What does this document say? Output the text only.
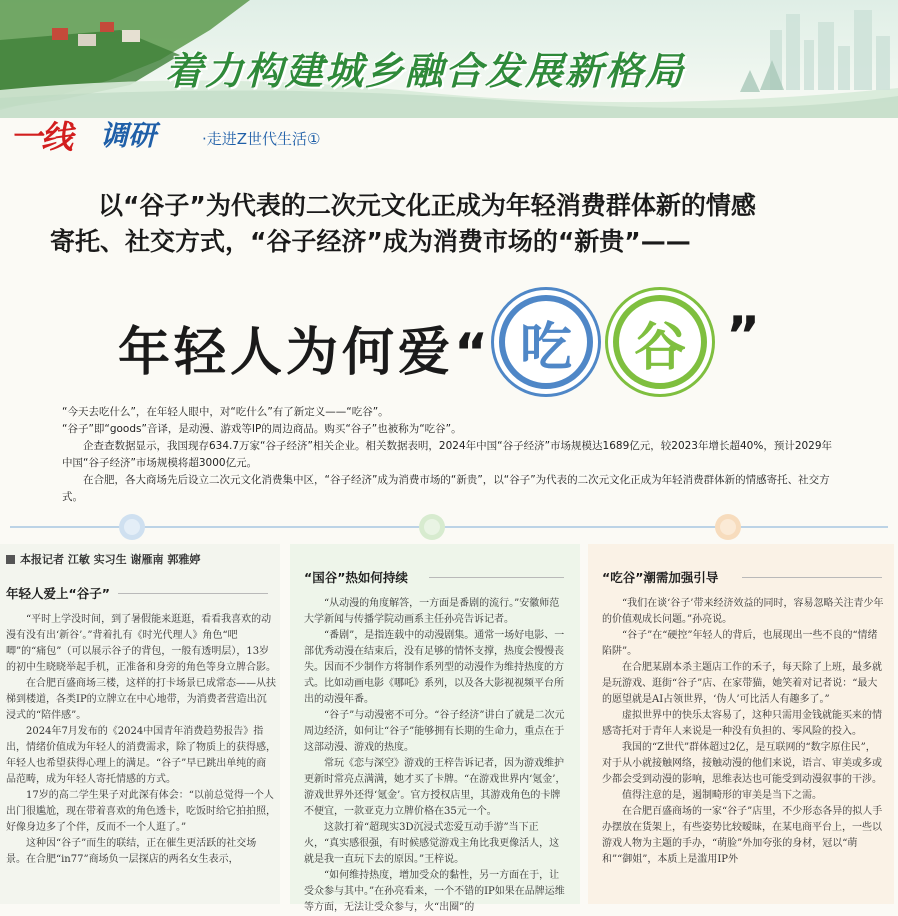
着力构建城乡融合发展新格局
一线 调研	·走进Z世代生活①
以“谷子”为代表的二次元文化正成为年轻消费群体新的情感
寄托、社交方式，“谷子经济”成为消费市场的“新贵”——
年轻人为何爱“ 吃 谷 ”

“今天去吃什么”，在年轻人眼中，对“吃什么”有了新定义——“吃谷”。

“谷子”即“goods”音译，是动漫、游戏等IP的周边商品。购买“谷子”也被称为“吃谷”。

企查查数据显示，我国现存634.7万家“谷子经济”相关企业。相关数据表明，2024年中国“谷子经济”市场规模达1689亿元，较2023年增长超40%，预计2029年中国“谷子经济”市场规模将超3000亿元。

在合肥，各大商场先后设立二次元文化消费集中区，“谷子经济”成为消费市场的“新贵”，以“谷子”为代表的二次元文化正成为年轻消费群体新的情感寄托、社交方式。

本报记者 江敏 实习生 谢雁南 郭雅婷
年轻人爱上“谷子”

“平时上学没时间，到了暑假能来逛逛，看看我喜欢的动漫有没有出‘新谷’。”背着扎有《时光代理人》角色“吧唧”的“痛包”（可以展示谷子的背包，一般有透明层），13岁的初中生晓晓举起手机，正准备和身旁的角色等身立牌合影。

在合肥百盛商场三楼，这样的打卡场景已成常态——从扶梯到楼道，各类IP的立牌立在中心地带，为消费者营造出沉浸式的“陪伴感”。

2024年7月发布的《2024中国青年消费趋势报告》指出，情绪价值成为年轻人的消费需求，除了物质上的获得感，年轻人也希望获得心理上的满足。“谷子”早已跳出单纯的商品范畴，成为年轻人寄托情感的方式。

17岁的高二学生果子对此深有体会：“以前总觉得一个人出门很尴尬，现在带着喜欢的角色透卡，吃饭时给它拍拍照，好像身边多了个伴，反而不一个人逛了。”

这种因“谷子”而生的联结，正在催生更活跃的社交场景。在合肥“in77”商场负一层探店的两名女生表示，

“国谷”热如何持续

“从动漫的角度解答，一方面是番剧的流行。”安徽师范大学新闻与传播学院动画系主任孙亮告诉记者。

“番剧”，是指连载中的动漫剧集。通常一场好电影、一部优秀动漫在结束后，没有足够的情怀支撑，热度会慢慢丧失。因而不少制作方将制作系列型的动漫作为维持热度的方式。比如动画电影《哪吒》系列，以及各大影视视频平台所出的动漫年番。

“谷子”与动漫密不可分。“谷子经济”讲白了就是二次元周边经济，如何让“谷子”能够拥有长期的生命力，重点在于这部动漫、游戏的热度。

常玩《恋与深空》游戏的王梓告诉记者，因为游戏维护更新时常亮点满满，她才买了卡牌。“在游戏世界内‘氪金’，游戏世界外还得‘氪金’。官方授权店里，其游戏角色的卡牌不便宜，一款亚克力立牌价格在35元一个。

这款打着“超现实3D沉浸式恋爱互动手游”当下正火，“真实感很强，有时候感觉游戏主角比我更像活人，这就是我一直玩下去的原因。”王梓说。

“如何维持热度，增加受众的黏性，另一方面在于，让受众参与其中。”在孙亮看来，一个不错的IP如果在品牌运维等方面，无法让受众参与，火“出圈”的

“吃谷”潮需加强引导

“我们在谈‘谷子’带来经济效益的同时，容易忽略关注青少年的价值观成长问题。”孙亮说。

“谷子”在“硬控”年轻人的背后，也展现出一些不良的“情绪陷阱”。

在合肥某剧本杀主题店工作的禾子，每天除了上班，最多就是玩游戏、逛街“谷子”店、在家带猫，她笑着对记者说：“最大的愿望就是AI占领世界，‘伪人’可比活人有趣多了。”

虚拟世界中的快乐太容易了，这种只需用金钱就能买来的情感寄托对于青年人来说是一种没有负担的、零风险的投入。

我国的“Z世代”群体超过2亿，是互联网的“数字原住民”，对于从小就接触网络，接触动漫的他们来说，语言、审美或多或少都会受到动漫的影响，思维表达也可能受到动漫叙事的干涉。

值得注意的是，遏制畸形的审美是当下之需。

在合肥百盛商场的一家“谷子”店里，不少形态各异的拟人手办摆放在货架上，有些姿势比较暧昧，在某电商平台上，一些以游戏人物为主题的手办，“萌脸”外加夸张的身材，冠以“萌和”“御姐”，本质上是滥用IP外
